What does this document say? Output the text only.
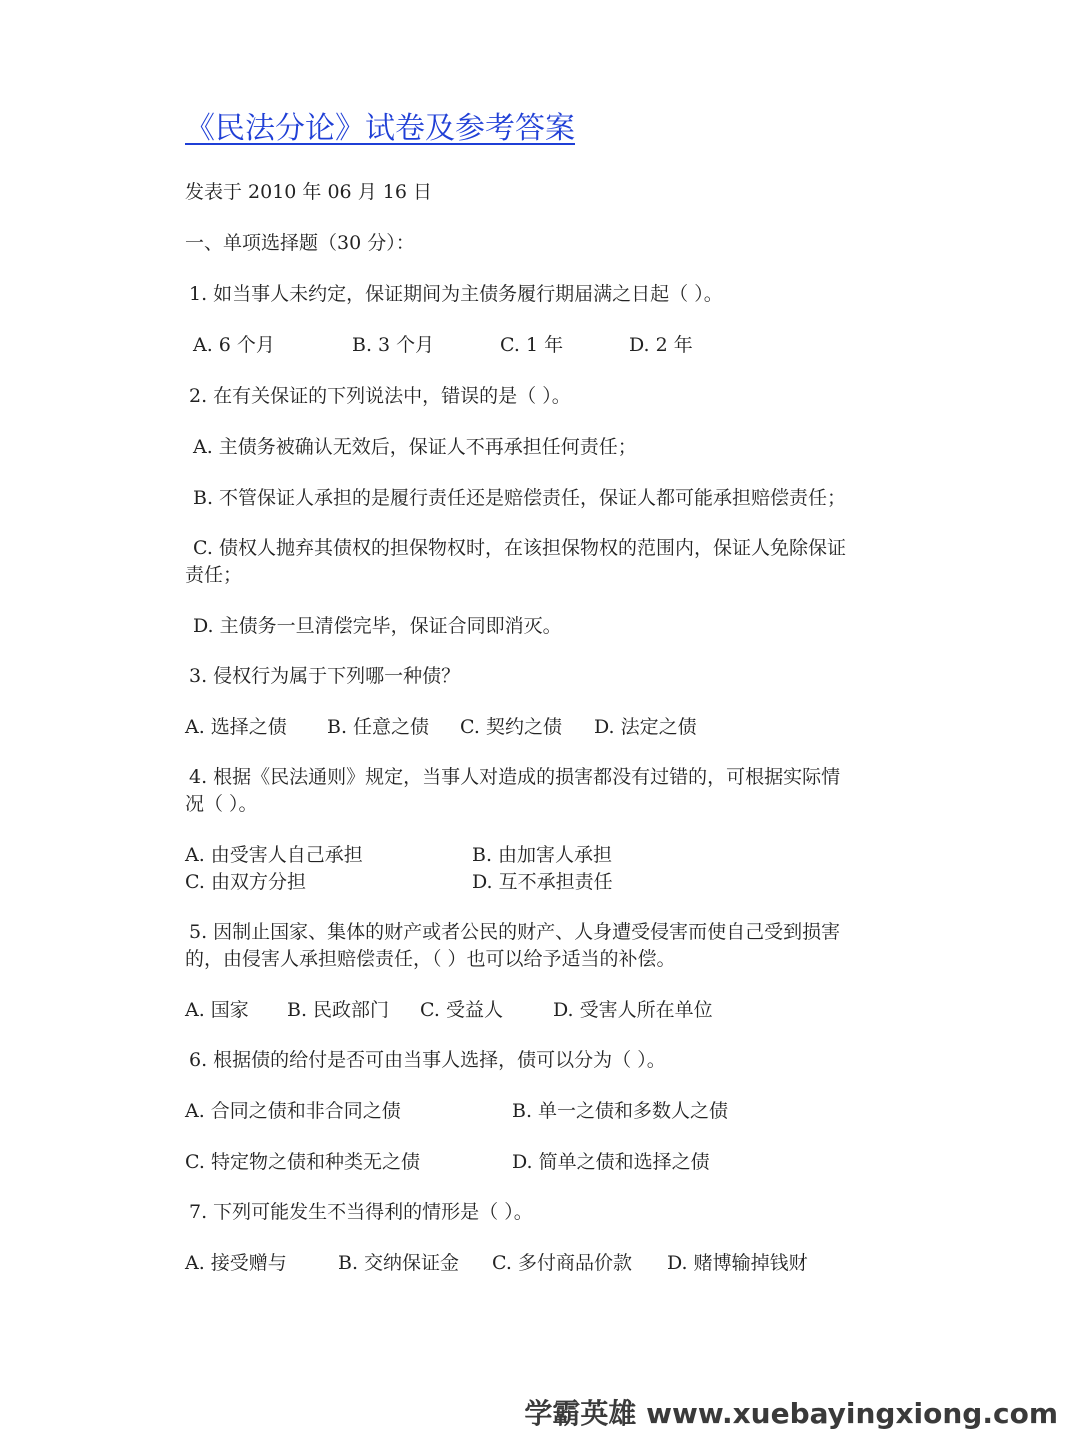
《民法分论》试卷及参考答案
发表于 2010 年 06 月 16 日
一、单项选择题（30 分）：
1. 如当事人未约定，保证期间为主债务履行期届满之日起（ ）。
A. 6 个月	B. 3 个月	C. 1 年	D. 2 年
2. 在有关保证的下列说法中，错误的是（ ）。
A. 主债务被确认无效后，保证人不再承担任何责任；
B. 不管保证人承担的是履行责任还是赔偿责任，保证人都可能承担赔偿责任；
C. 债权人抛弃其债权的担保物权时，在该担保物权的范围内，保证人免除保证
责任；
D. 主债务一旦清偿完毕，保证合同即消灭。
3. 侵权行为属于下列哪一种债？
A. 选择之债 B. 任意之债 C. 契约之债 D. 法定之债
4. 根据《民法通则》规定，当事人对造成的损害都没有过错的，可根据实际情
况（ ）。
A. 由受害人自己承担	B. 由加害人承担
C. 由双方分担	D. 互不承担责任
5. 因制止国家、集体的财产或者公民的财产、人身遭受侵害而使自己受到损害
的，由侵害人承担赔偿责任，（ ）也可以给予适当的补偿。
A. 国家 B. 民政部门 C. 受益人	D. 受害人所在单位
6. 根据债的给付是否可由当事人选择，债可以分为（ ）。
A. 合同之债和非合同之债	B. 单一之债和多数人之债
C. 特定物之债和种类无之债	D. 简单之债和选择之债
7. 下列可能发生不当得利的情形是（ ）。
A. 接受赠与	B. 交纳保证金 C. 多付商品价款 D. 赌博输掉钱财
学霸英雄 www.xuebayingxiong.com
